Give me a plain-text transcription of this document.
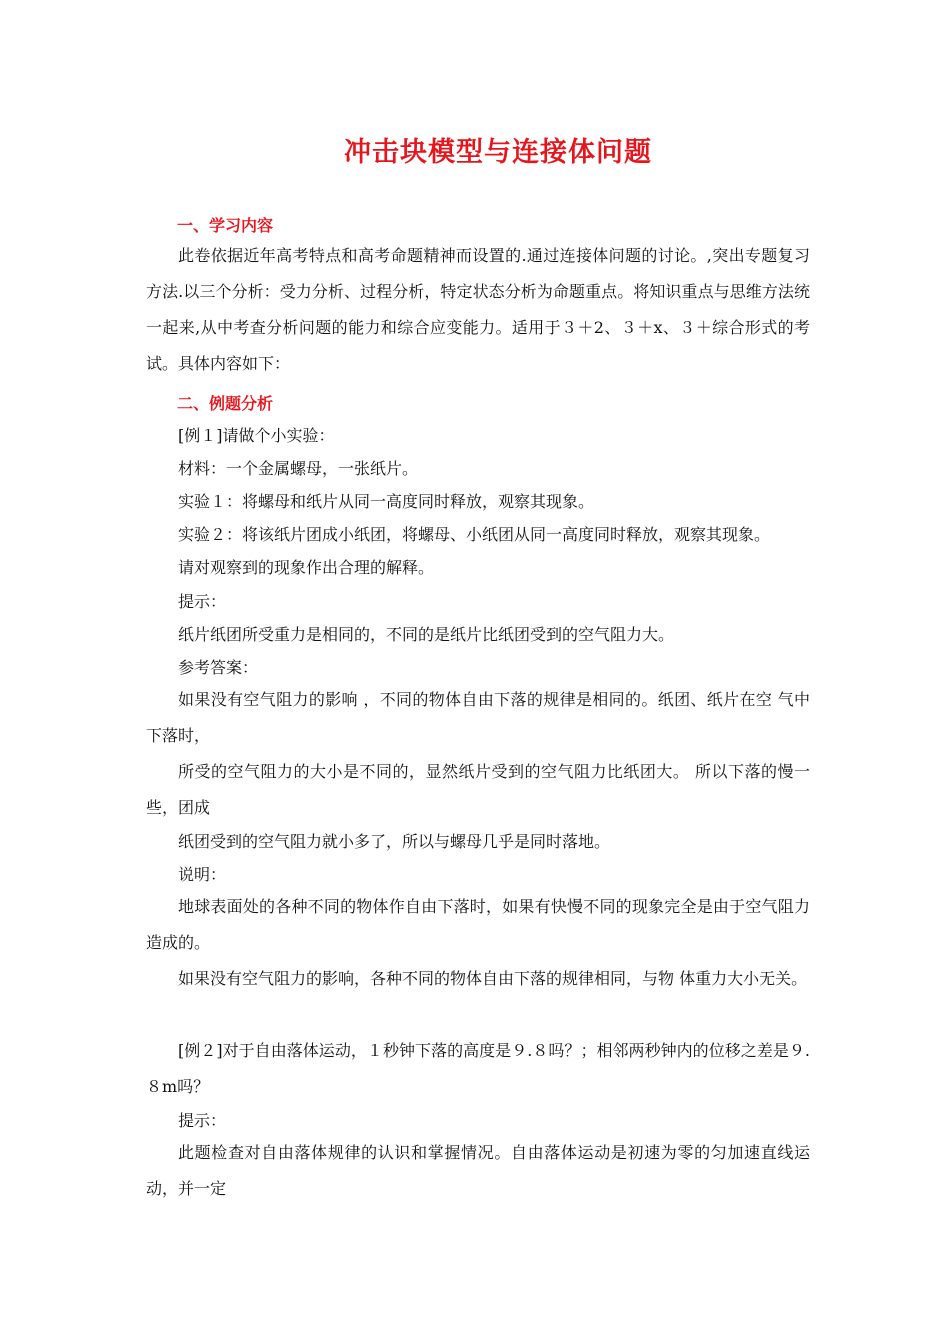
冲击块模型与连接体问题
一、学习内容
此卷依据近年高考特点和高考命题精神而设置的.通过连接体问题的讨论。,突出专题复习方法.以三个分析：受力分析、过程分析，特定状态分析为命题重点。将知识重点与思维方法统一起来,从中考查分析问题的能力和综合应变能力。适用于３＋2、３＋x、３＋综合形式的考试。具体内容如下：
二、例题分析
[例１]请做个小实验：
材料：一个金属螺母，一张纸片。
实验１：将螺母和纸片从同一高度同时释放，观察其现象。
实验２：将该纸片团成小纸团，将螺母、小纸团从同一高度同时释放，观察其现象。
请对观察到的现象作出合理的解释。
提示：
纸片纸团所受重力是相同的，不同的是纸片比纸团受到的空气阻力大。
参考答案：
如果没有空气阻力的影响 ，不同的物体自由下落的规律是相同的。纸团、纸片在空 气中下落时，
所受的空气阻力的大小是不同的，显然纸片受到的空气阻力比纸团大。 所以下落的慢一些，团成
纸团受到的空气阻力就小多了，所以与螺母几乎是同时落地。
说明：
地球表面处的各种不同的物体作自由下落时，如果有快慢不同的现象完全是由于空气阻力造成的。
如果没有空气阻力的影响，各种不同的物体自由下落的规律相同，与物 体重力大小无关。
[例２]对于自由落体运动，１秒钟下落的高度是９.８吗？；相邻两秒钟内的位移之差是９.８m吗？
提示：
此题检查对自由落体规律的认识和掌握情况。自由落体运动是初速为零的匀加速直线运动，并一定
